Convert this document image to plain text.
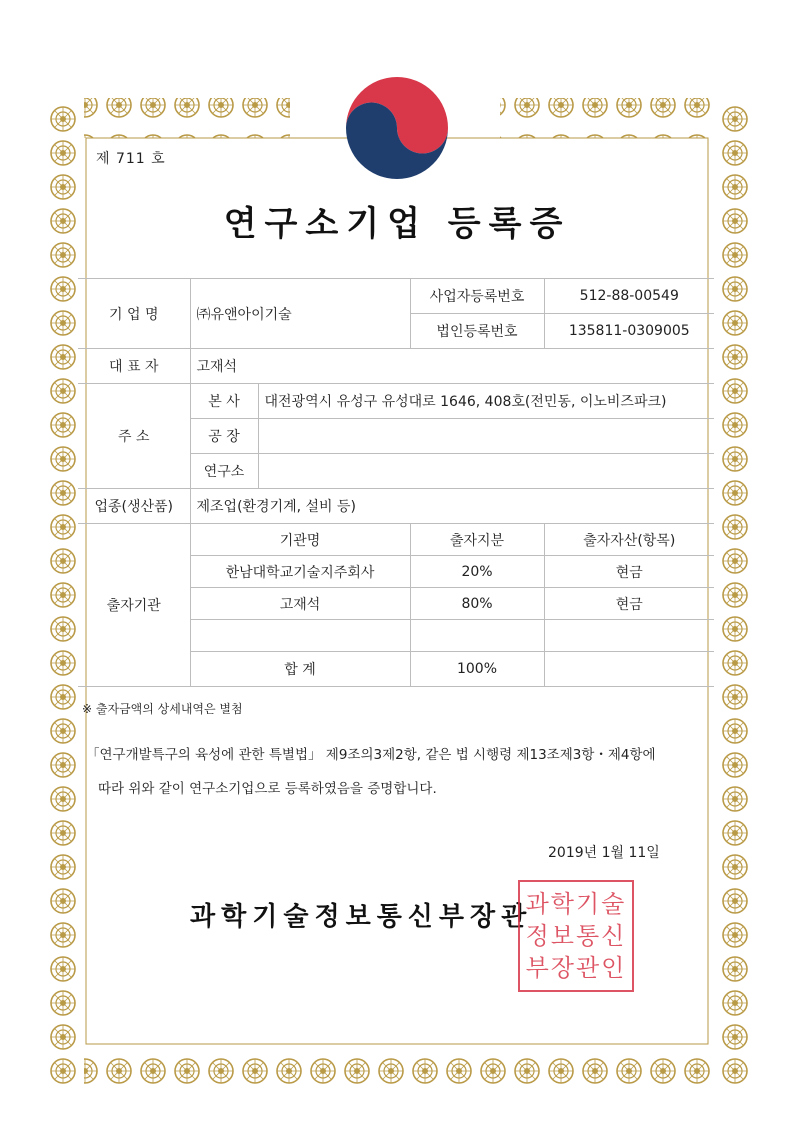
제 711 호
연구소기업 등록증
기 업 명	㈜유앤아이기술		사업자등록번호	512-88-00549
			법인등록번호	135811-0309005
대 표 자	고재석			
주 소	본 사	대전광역시 유성구 유성대로 1646, 408호(전민동, 이노비즈파크)		
	공 장			
	연구소			
업종(생산품)	제조업(환경기계, 설비 등)			
출자기관	기관명		출자지분	출자자산(항목)
	한남대학교기술지주회사		20%	현금
	고재석		80%	현금

	합 계		100%	
※ 출자금액의 상세내역은 별첨
「연구개발특구의 육성에 관한 특별법」 제9조의3제2항, 같은 법 시행령 제13조제3항・제4항에
따라 위와 같이 연구소기업으로 등록하였음을 증명합니다.
2019년 1월 11일
과학기술정보통신부장관
과학기술정보통신부장관인
